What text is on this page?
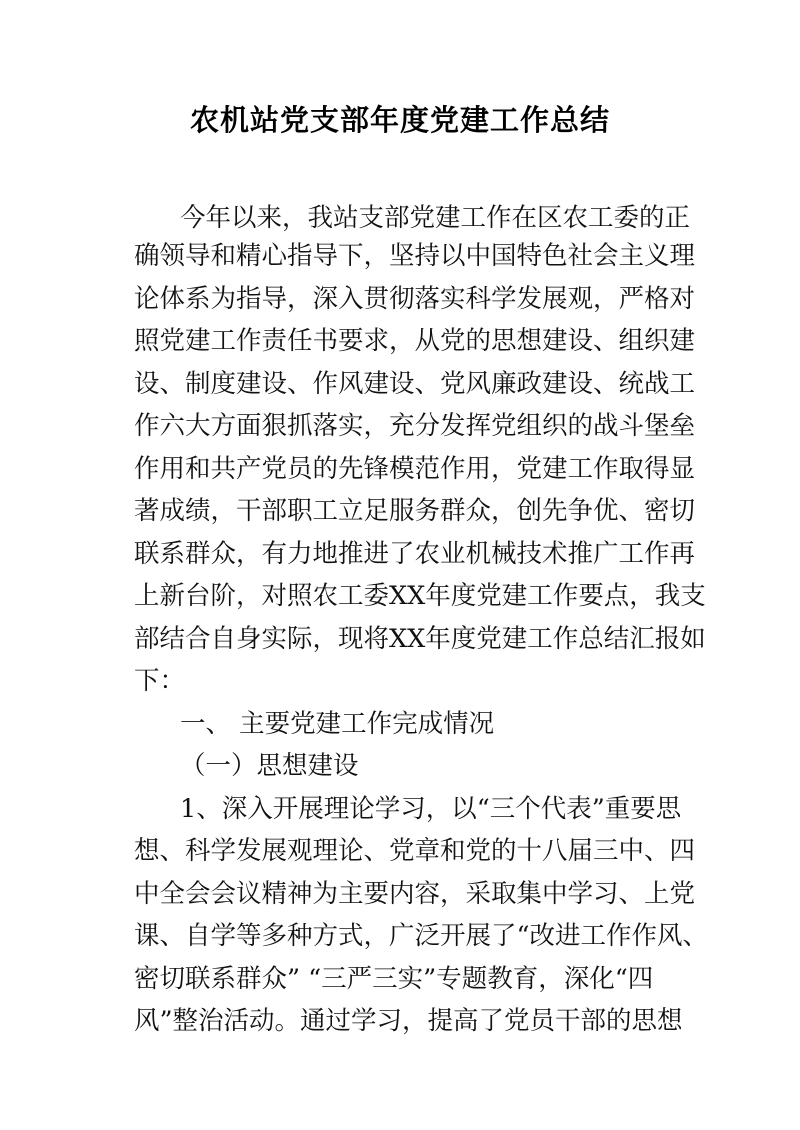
农机站党支部年度党建工作总结
今年以来，我站支部党建工作在区农工委的正
确领导和精心指导下，坚持以中国特色社会主义理
论体系为指导，深入贯彻落实科学发展观，严格对
照党建工作责任书要求，从党的思想建设、组织建
设、制度建设、作风建设、党风廉政建设、统战工
作六大方面狠抓落实，充分发挥党组织的战斗堡垒
作用和共产党员的先锋模范作用，党建工作取得显
著成绩，干部职工立足服务群众，创先争优、密切
联系群众，有力地推进了农业机械技术推广工作再
上新台阶，对照农工委XX年度党建工作要点，我支
部结合自身实际，现将XX年度党建工作总结汇报如
下：
一、 主要党建工作完成情况
（一）思想建设
1、深入开展理论学习，以“三个代表”重要思
想、科学发展观理论、党章和党的十八届三中、四
中全会会议精神为主要内容，采取集中学习、上党
课、自学等多种方式，广泛开展了“改进工作作风、
密切联系群众” “三严三实”专题教育，深化“四
风”整治活动。通过学习，提高了党员干部的思想
